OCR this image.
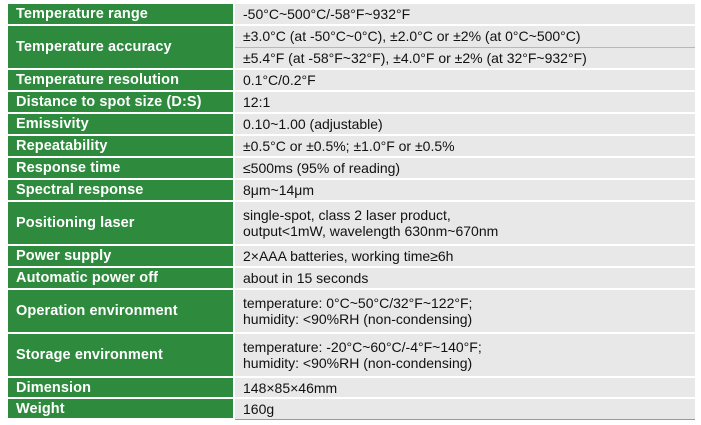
Temperature range	-50°C~500°C/-58°F~932°F

Temperature accuracy	±3.0°C (at -50°C~0°C), ±2.0°C or ±2% (at 0°C~500°C)

	±5.4°F (at -58°F~32°F), ±4.0°F or ±2% (at 32°F~932°F)

Temperature resolution	0.1°C/0.2°F

Distance to spot size (D:S)	12:1

Emissivity	0.10~1.00 (adjustable)

Repeatability	±0.5°C or ±0.5%; ±1.0°F or ±0.5%

Response time	≤500ms (95% of reading)

Spectral response	8μm~14μm

Positioning laser	single-spot, class 2 laser product,
output<1mW, wavelength 630nm~670nm

Power supply	2×AAA batteries, working time≥6h

Automatic power off	about in 15 seconds

Operation environment	temperature: 0°C~50°C/32°F~122°F;
humidity: <90%RH (non-condensing)

Storage environment	temperature: -20°C~60°C/-4°F~140°F;
humidity: <90%RH (non-condensing)

Dimension	148×85×46mm

Weight	160g
